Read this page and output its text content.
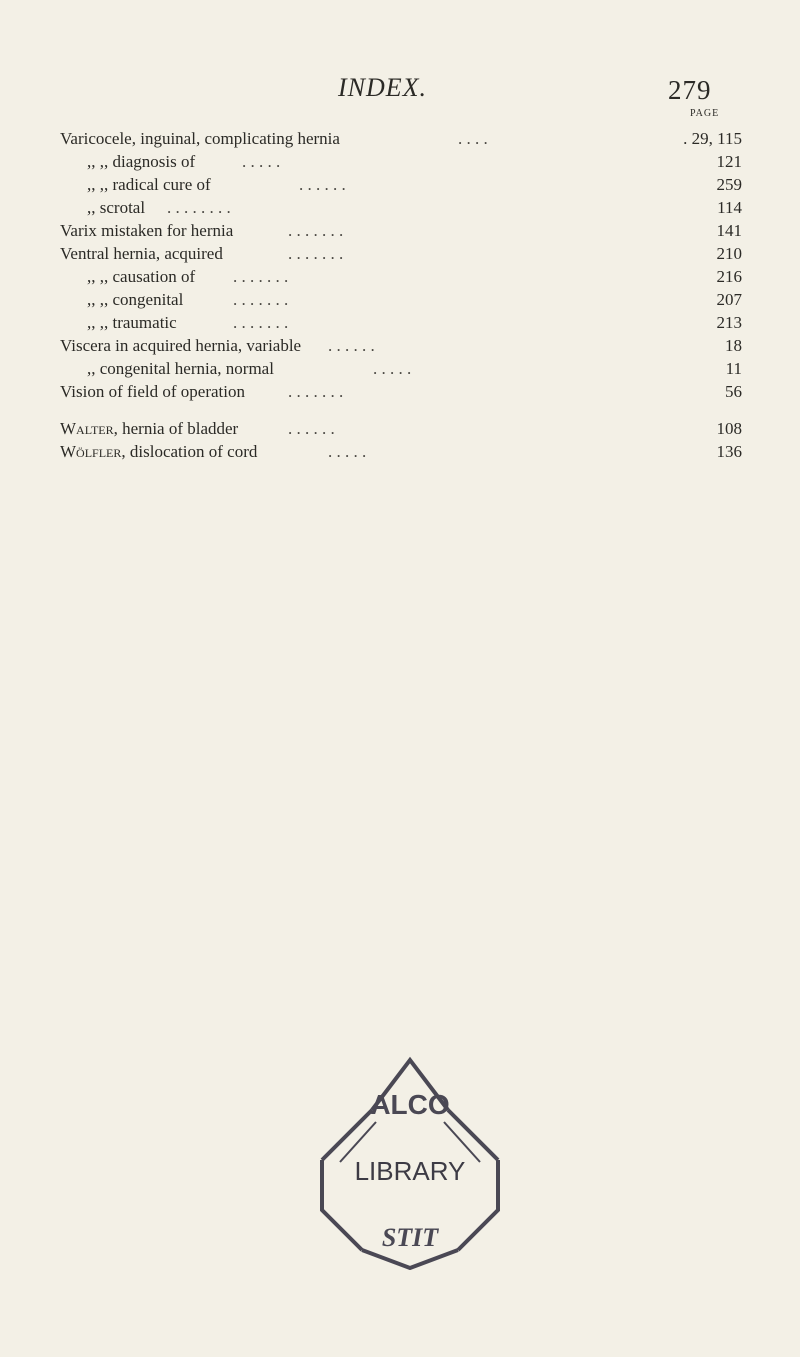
INDEX.	279
PAGE
Varicocele, inguinal, complicating hernia	. . . .	. 29, 115
,, ,, diagnosis of	. . . . .	121
,, ,, radical cure of	. . . . . .	259
,, scrotal . . . . . . . .	114
Varix mistaken for hernia	. . . . . . .	141
Ventral hernia, acquired	. . . . . . .	210
,, ,, causation of . . . . . . .	216
,, ,, congenital	. . . . . . .	207
,, ,, traumatic	. . . . . . .	213
Viscera in acquired hernia, variable . . . . . .	18
,, congenital hernia, normal	. . . . .	11
Vision of field of operation	. . . . . . .	56
Walter, hernia of bladder	. . . . . .	108
Wölfler, dislocation of cord	. . . . .	136
ALCO
LIBRARY
STIT
